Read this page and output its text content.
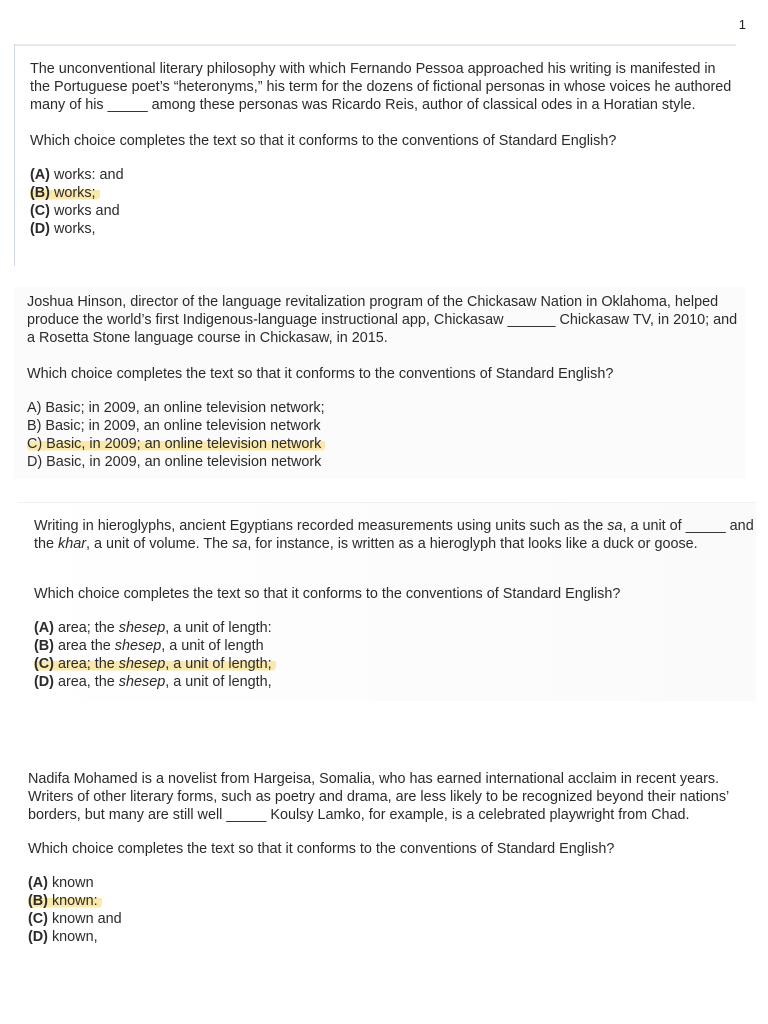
1

The unconventional literary philosophy with which Fernando Pessoa approached his writing is manifested in the Portuguese poet’s “heteronyms,” his term for the dozens of fictional personas in whose voices he authored many of his _____ among these personas was Ricardo Reis, author of classical odes in a Horatian style.

Which choice completes the text so that it conforms to the conventions of Standard English?

(A) works: and
(B) works;
(C) works and
(D) works,

Joshua Hinson, director of the language revitalization program of the Chickasaw Nation in Oklahoma, helped produce the world’s first Indigenous-language instructional app, Chickasaw ______ Chickasaw TV, in 2010; and a Rosetta Stone language course in Chickasaw, in 2015.

Which choice completes the text so that it conforms to the conventions of Standard English?

A) Basic; in 2009, an online television network;
B) Basic; in 2009, an online television network
C) Basic, in 2009; an online television network
D) Basic, in 2009, an online television network

Writing in hieroglyphs, ancient Egyptians recorded measurements using units such as the sa, a unit of _____ and the khar, a unit of volume. The sa, for instance, is written as a hieroglyph that looks like a duck or goose.

Which choice completes the text so that it conforms to the conventions of Standard English?

(A) area; the shesep, a unit of length:
(B) area the shesep, a unit of length
(C) area; the shesep, a unit of length;
(D) area, the shesep, a unit of length,

Nadifa Mohamed is a novelist from Hargeisa, Somalia, who has earned international acclaim in recent years. Writers of other literary forms, such as poetry and drama, are less likely to be recognized beyond their nations’ borders, but many are still well _____ Koulsy Lamko, for example, is a celebrated playwright from Chad.

Which choice completes the text so that it conforms to the conventions of Standard English?

(A) known
(B) known:
(C) known and
(D) known,
